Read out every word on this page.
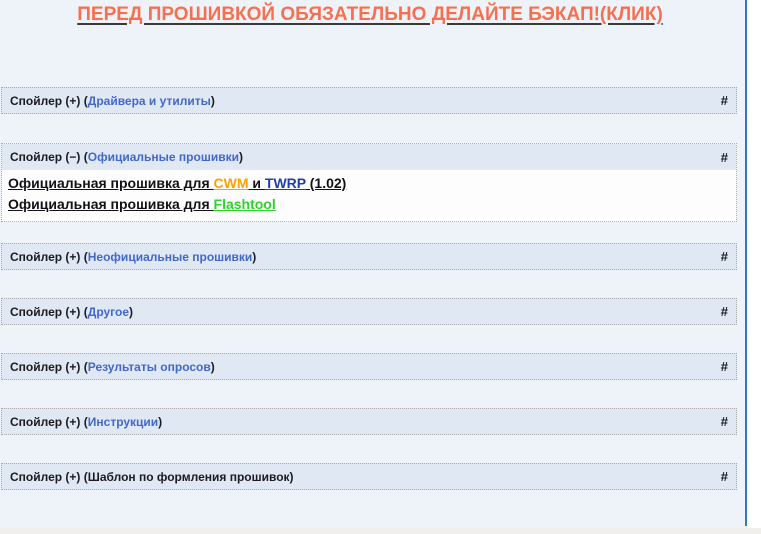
ПЕРЕД ПРОШИВКОЙ ОБЯЗАТЕЛЬНО ДЕЛАЙТЕ БЭКАП!(КЛИК)
Спойлер (+) (Драйвера и утилиты)	#
Спойлер (−) (Официальные прошивки)	#
Официальная прошивка для CWM и TWRP (1.02)
Официальная прошивка для Flashtool
Спойлер (+) (Неофициальные прошивки)	#
Спойлер (+) (Другое)	#
Спойлер (+) (Результаты опросов)	#
Спойлер (+) (Инструкции)	#
Спойлер (+) (Шаблон по формления прошивок)	#
